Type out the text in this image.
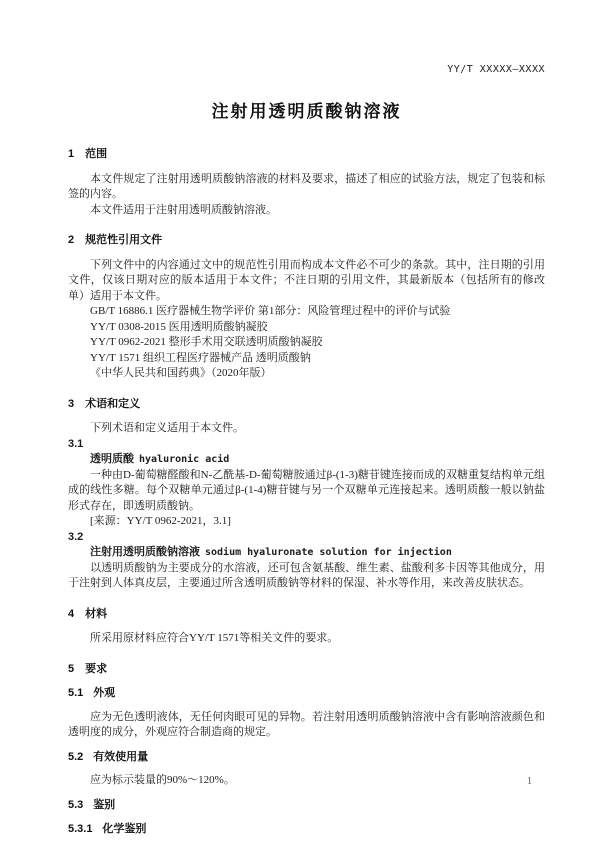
YY/T XXXXX—XXXX
注射用透明质酸钠溶液
1 范围

本文件规定了注射用透明质酸钠溶液的材料及要求，描述了相应的试验方法，规定了包装和标签的内容。

本文件适用于注射用透明质酸钠溶液。

2 规范性引用文件

下列文件中的内容通过文中的规范性引用而构成本文件必不可少的条款。其中，注日期的引用文件，仅该日期对应的版本适用于本文件；不注日期的引用文件，其最新版本（包括所有的修改单）适用于本文件。

GB/T 16886.1 医疗器械生物学评价 第1部分：风险管理过程中的评价与试验

YY/T 0308-2015 医用透明质酸钠凝胶

YY/T 0962-2021 整形手术用交联透明质酸钠凝胶

YY/T 1571 组织工程医疗器械产品 透明质酸钠

《中华人民共和国药典》（2020年版）

3 术语和定义

下列术语和定义适用于本文件。

3.1

透明质酸 hyaluronic acid

一种由D-葡萄糖醛酸和N-乙酰基-D-葡萄糖胺通过β-(1-3)糖苷键连接而成的双糖重复结构单元组成的线性多糖。每个双糖单元通过β-(1-4)糖苷键与另一个双糖单元连接起来。透明质酸一般以钠盐形式存在，即透明质酸钠。

[来源：YY/T 0962-2021，3.1]

3.2

注射用透明质酸钠溶液 sodium hyaluronate solution for injection

以透明质酸钠为主要成分的水溶液，还可包含氨基酸、维生素、盐酸利多卡因等其他成分，用于注射到人体真皮层，主要通过所含透明质酸钠等材料的保湿、补水等作用，来改善皮肤状态。

4 材料

所采用原材料应符合YY/T 1571等相关文件的要求。

5 要求
5.1 外观

应为无色透明液体，无任何肉眼可见的异物。若注射用透明质酸钠溶液中含有影响溶液颜色和透明度的成分，外观应符合制造商的规定。

5.2 有效使用量

应为标示装量的90%～120%。

5.3 鉴别
5.3.1 化学鉴别
1
